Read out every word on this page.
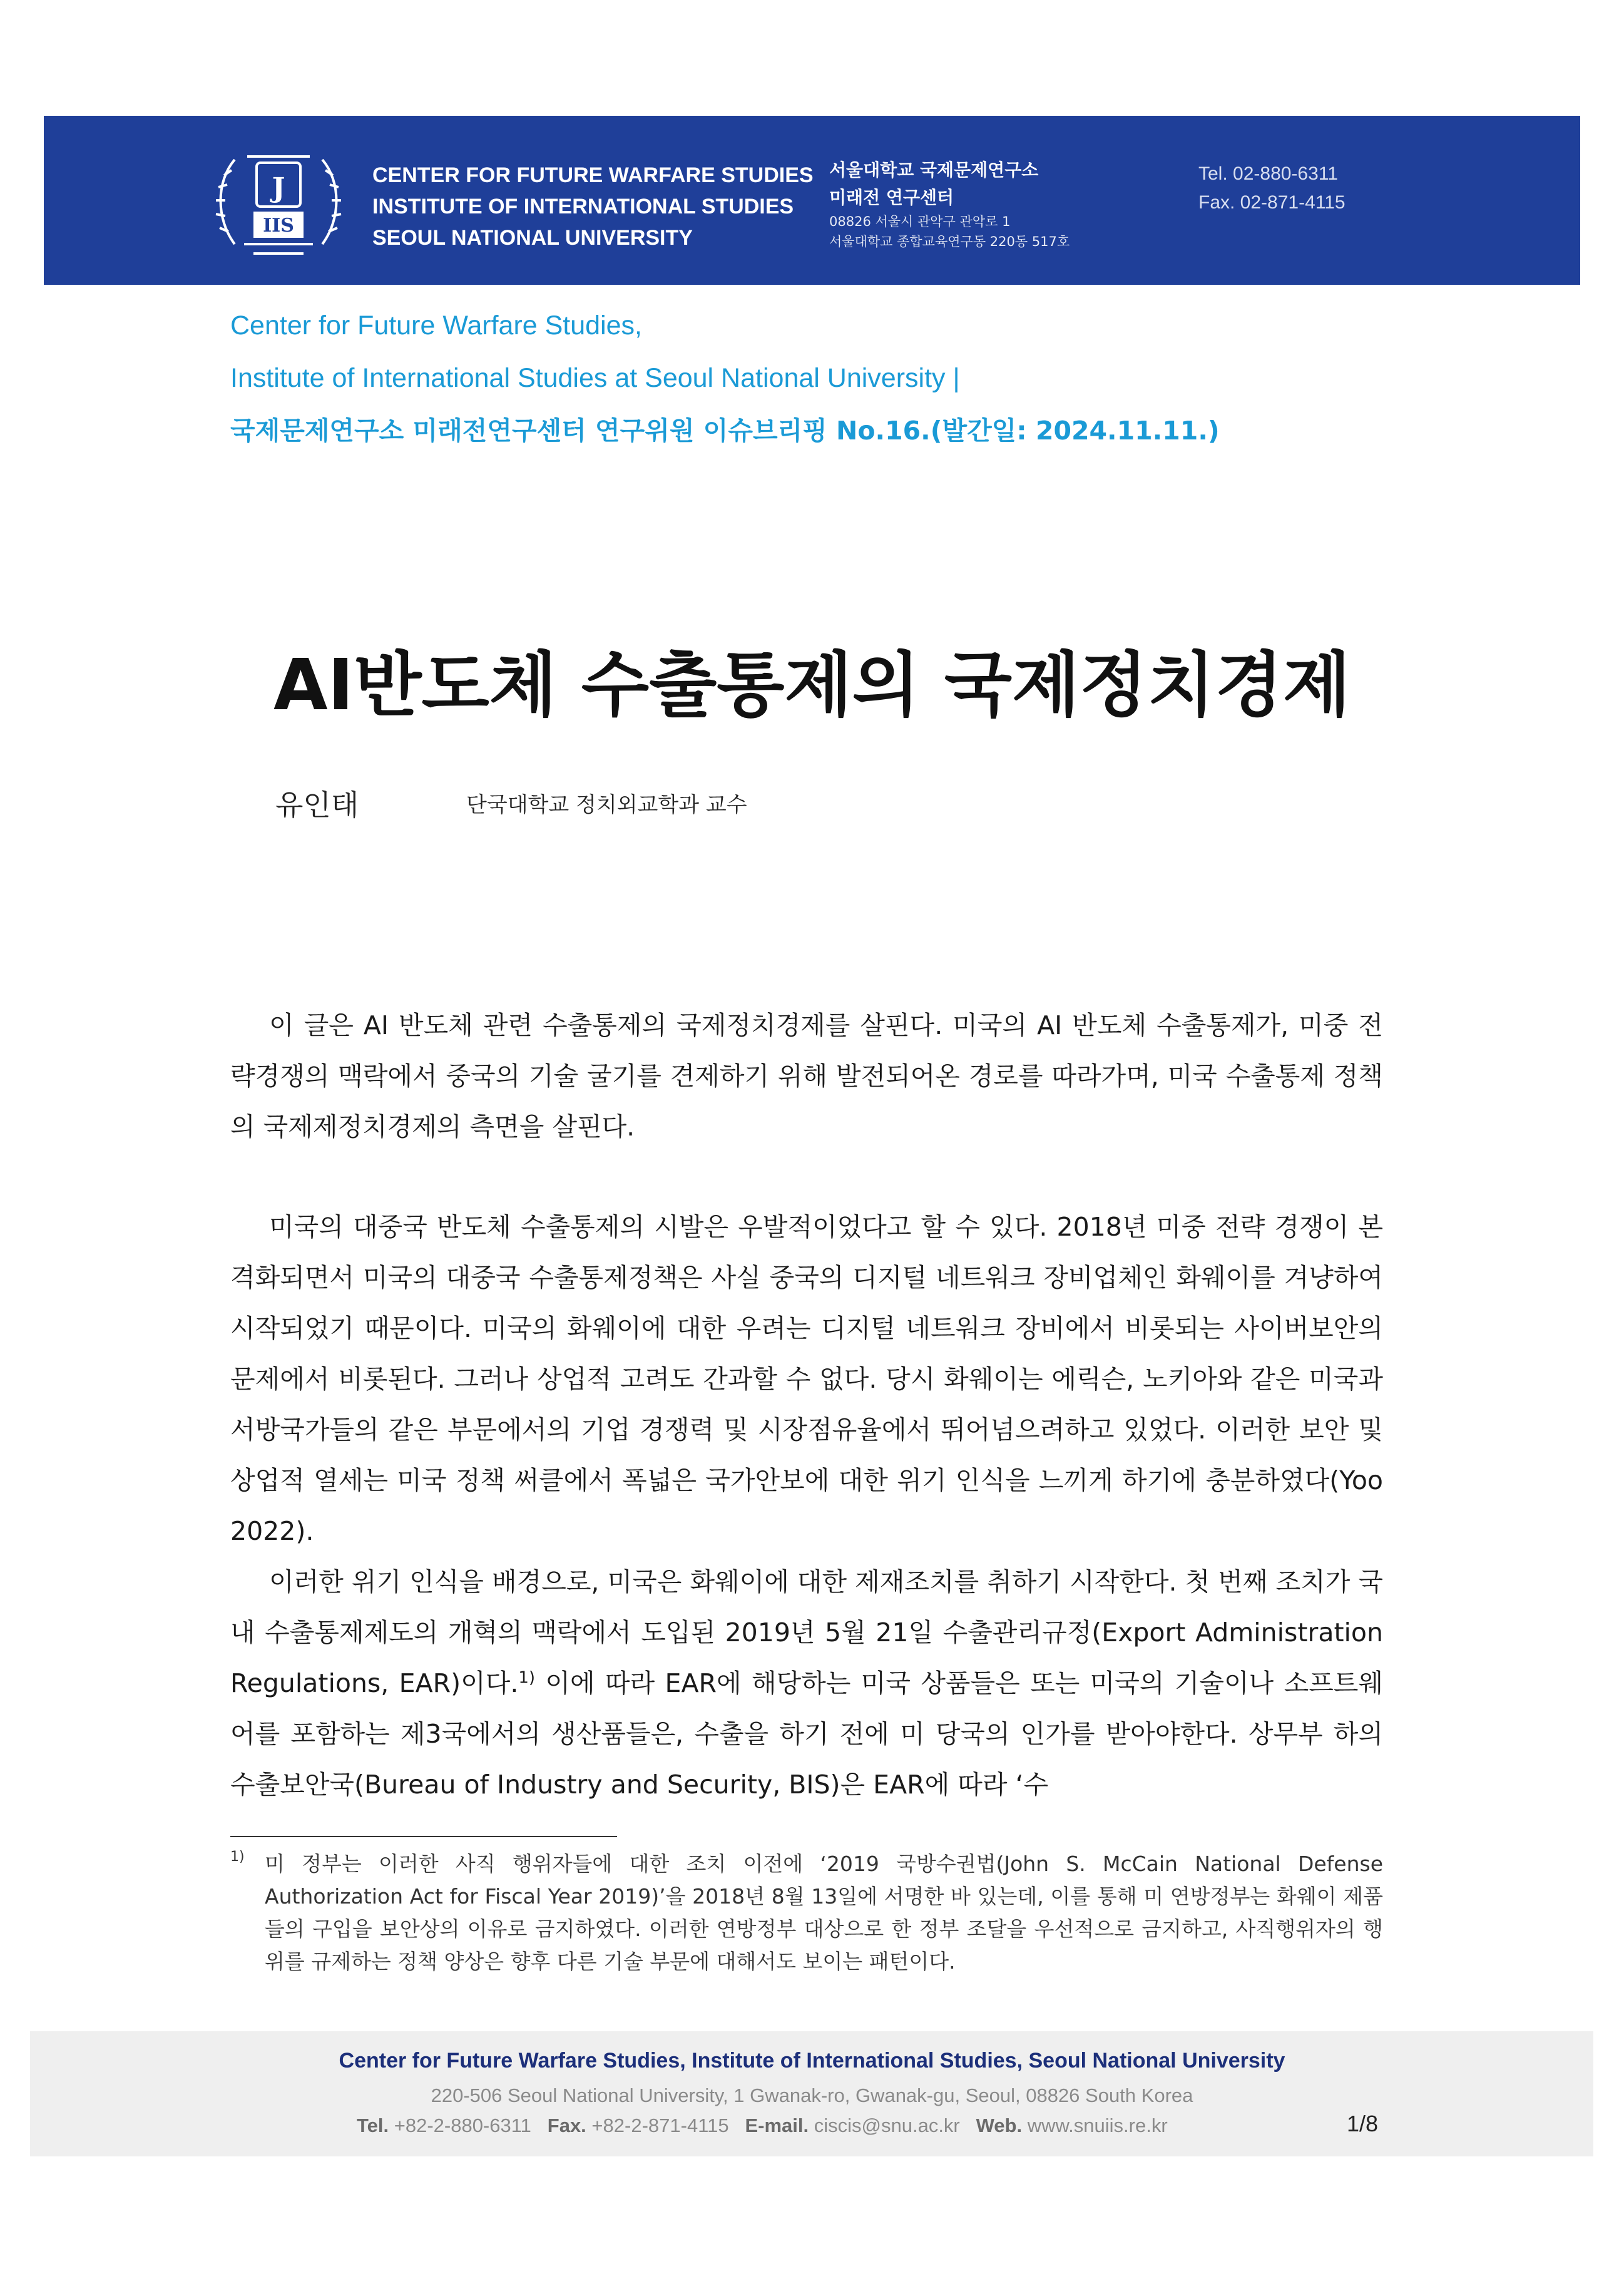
J
IIS
CENTER FOR FUTURE WARFARE STUDIES
INSTITUTE OF INTERNATIONAL STUDIES
SEOUL NATIONAL UNIVERSITY
서울대학교 국제문제연구소
미래전 연구센터
08826 서울시 관악구 관악로 1
서울대학교 종합교육연구동 220동 517호
Tel. 02-880-6311
Fax. 02-871-4115
Center for Future Warfare Studies,
Institute of International Studies at Seoul National University |
국제문제연구소 미래전연구센터 연구위원 이슈브리핑 No.16.(발간일: 2024.11.11.)
AI반도체 수출통제의 국제정치경제
유인태	단국대학교 정치외교학과 교수

이 글은 AI 반도체 관련 수출통제의 국제정치경제를 살핀다. 미국의 AI 반도체 수출통제가, 미중 전략경쟁의 맥락에서 중국의 기술 굴기를 견제하기 위해 발전되어온 경로를 따라가며, 미국 수출통제 정책의 국제제정치경제의 측면을 살핀다.

미국의 대중국 반도체 수출통제의 시발은 우발적이었다고 할 수 있다. 2018년 미중 전략 경쟁이 본격화되면서 미국의 대중국 수출통제정책은 사실 중국의 디지털 네트워크 장비업체인 화웨이를 겨냥하여 시작되었기 때문이다. 미국의 화웨이에 대한 우려는 디지털 네트워크 장비에서 비롯되는 사이버보안의 문제에서 비롯된다. 그러나 상업적 고려도 간과할 수 없다. 당시 화웨이는 에릭슨, 노키아와 같은 미국과 서방국가들의 같은 부문에서의 기업 경쟁력 및 시장점유율에서 뛰어넘으려하고 있었다. 이러한 보안 및 상업적 열세는 미국 정책 써클에서 폭넓은 국가안보에 대한 위기 인식을 느끼게 하기에 충분하였다(Yoo 2022).

이러한 위기 인식을 배경으로, 미국은 화웨이에 대한 제재조치를 취하기 시작한다. 첫 번째 조치가 국내 수출통제제도의 개혁의 맥락에서 도입된 2019년 5월 21일 수출관리규정(Export Administration Regulations, EAR)이다.$^{1)}$ 이에 따라 EAR에 해당하는 미국 상품들은 또는 미국의 기술이나 소프트웨어를 포함하는 제3국에서의 생산품들은, 수출을 하기 전에 미 당국의 인가를 받아야한다. 상무부 하의 수출보안국(Bureau of Industry and Security, BIS)은 EAR에 따라 ‘수

1) 미 정부는 이러한 사직 행위자들에 대한 조치 이전에 ‘2019 국방수권법(John S. McCain National Defense Authorization Act for Fiscal Year 2019)’을 2018년 8월 13일에 서명한 바 있는데, 이를 통해 미 연방정부는 화웨이 제품들의 구입을 보안상의 이유로 금지하였다. 이러한 연방정부 대상으로 한 정부 조달을 우선적으로 금지하고, 사직행위자의 행위를 규제하는 정책 양상은 향후 다른 기술 부문에 대해서도 보이는 패턴이다.
Center for Future Warfare Studies, Institute of International Studies, Seoul National University
220-506 Seoul National University, 1 Gwanak-ro, Gwanak-gu, Seoul, 08826 South Korea
Tel. +82-2-880-6311 Fax. +82-2-871-4115 E-mail. ciscis@snu.ac.kr Web. www.snuiis.re.kr	1/8
